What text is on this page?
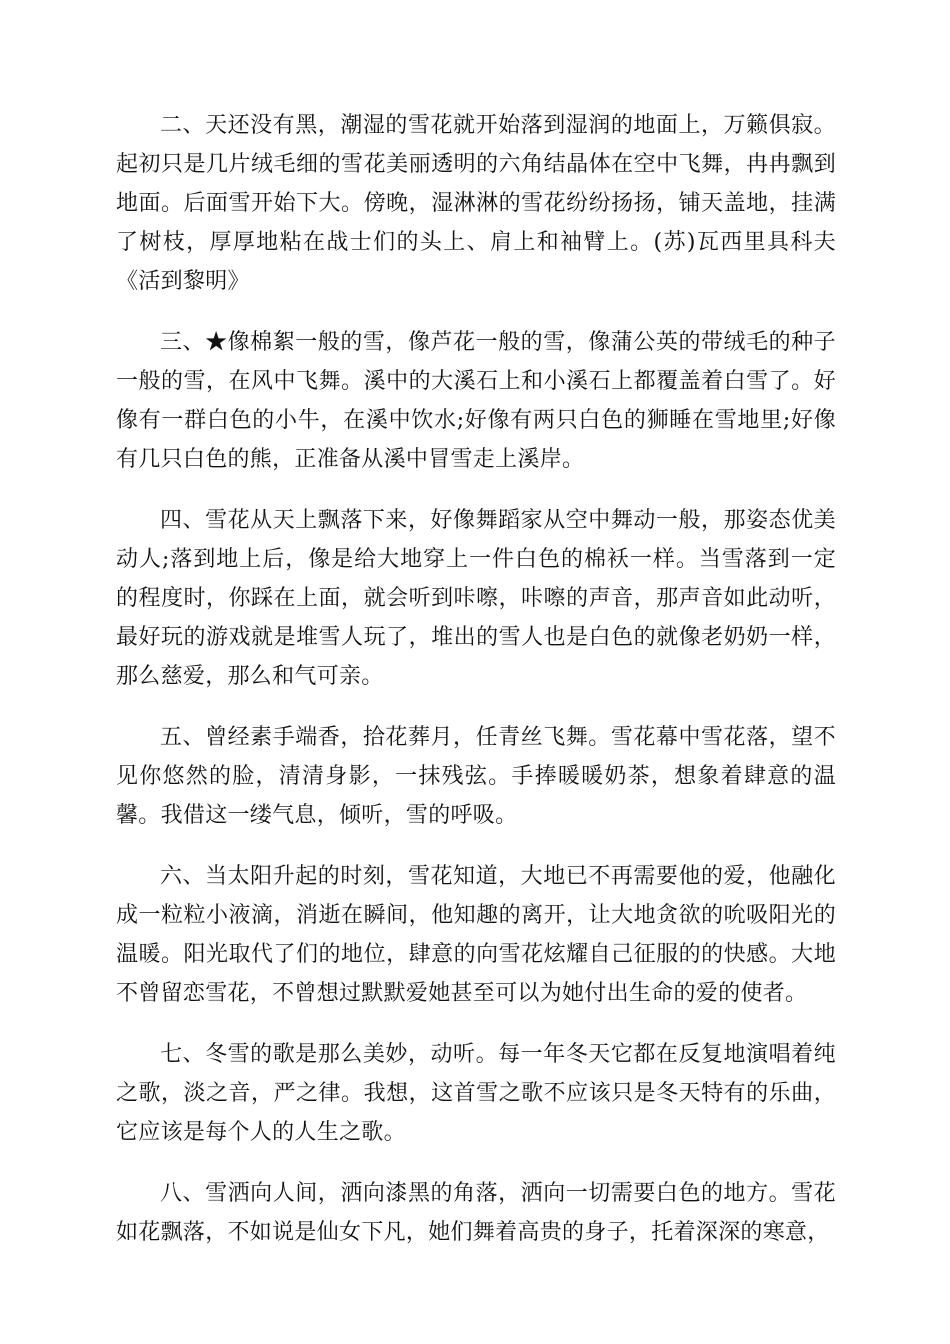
二、天还没有黑，潮湿的雪花就开始落到湿润的地面上，万籁俱寂。起初只是几片绒毛细的雪花美丽透明的六角结晶体在空中飞舞，冉冉飘到地面。后面雪开始下大。傍晚，湿淋淋的雪花纷纷扬扬，铺天盖地，挂满了树枝，厚厚地粘在战士们的头上、肩上和袖臂上。(苏)瓦西里具科夫《活到黎明》

三、★像棉絮一般的雪，像芦花一般的雪，像蒲公英的带绒毛的种子一般的雪，在风中飞舞。溪中的大溪石上和小溪石上都覆盖着白雪了。好像有一群白色的小牛，在溪中饮水;好像有两只白色的狮睡在雪地里;好像有几只白色的熊，正准备从溪中冒雪走上溪岸。

四、雪花从天上飘落下来，好像舞蹈家从空中舞动一般，那姿态优美动人;落到地上后，像是给大地穿上一件白色的棉袄一样。当雪落到一定的程度时，你踩在上面，就会听到咔嚓，咔嚓的声音，那声音如此动听，最好玩的游戏就是堆雪人玩了，堆出的雪人也是白色的就像老奶奶一样，那么慈爱，那么和气可亲。

五、曾经素手端香，拾花葬月，任青丝飞舞。雪花幕中雪花落，望不见你悠然的脸，清清身影，一抹残弦。手捧暖暖奶茶，想象着肆意的温馨。我借这一缕气息，倾听，雪的呼吸。

六、当太阳升起的时刻，雪花知道，大地已不再需要他的爱，他融化成一粒粒小液滴，消逝在瞬间，他知趣的离开，让大地贪欲的吮吸阳光的温暖。阳光取代了们的地位，肆意的向雪花炫耀自己征服的的快感。大地不曾留恋雪花，不曾想过默默爱她甚至可以为她付出生命的爱的使者。

七、冬雪的歌是那么美妙，动听。每一年冬天它都在反复地演唱着纯之歌，淡之音，严之律。我想，这首雪之歌不应该只是冬天特有的乐曲，它应该是每个人的人生之歌。

八、雪洒向人间，洒向漆黑的角落，洒向一切需要白色的地方。雪花如花飘落，不如说是仙女下凡，她们舞着高贵的身子，托着深深的寒意，
